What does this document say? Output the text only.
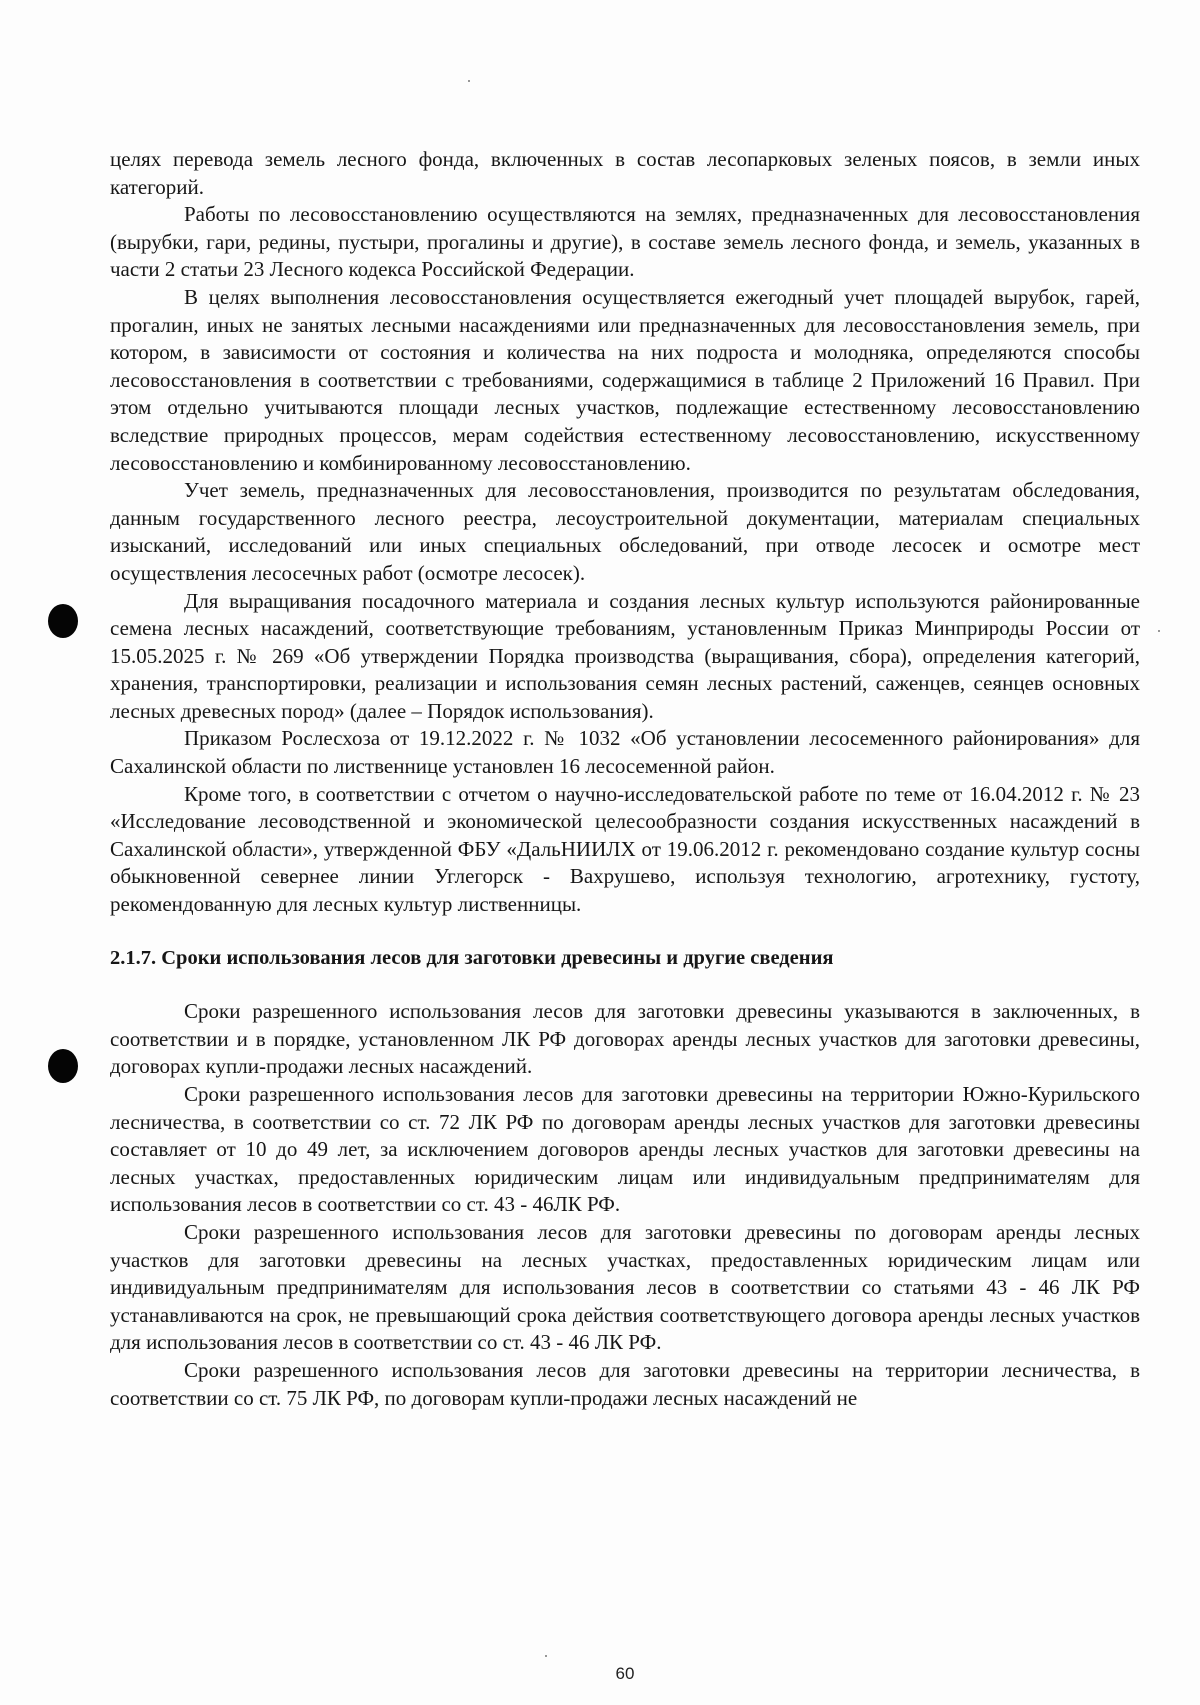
целях перевода земель лесного фонда, включенных в состав лесопарковых зеленых поясов, в земли иных категорий.

Работы по лесовосстановлению осуществляются на землях, предназначенных для лесовосстановления (вырубки, гари, редины, пустыри, прогалины и другие), в составе земель лесного фонда, и земель, указанных в части 2 статьи 23 Лесного кодекса Российской Федерации.

В целях выполнения лесовосстановления осуществляется ежегодный учет площадей вырубок, гарей, прогалин, иных не занятых лесными насаждениями или предназначенных для лесовосстановления земель, при котором, в зависимости от состояния и количества на них подроста и молодняка, определяются способы лесовосстановления в соответствии с требованиями, содержащимися в таблице 2 Приложений 16 Правил. При этом отдельно учитываются площади лесных участков, подлежащие естественному лесовосстановлению вследствие природных процессов, мерам содействия естественному лесовосстановлению, искусственному лесовосстановлению и комбинированному лесовосстановлению.

Учет земель, предназначенных для лесовосстановления, производится по результатам обследования, данным государственного лесного реестра, лесоустроительной документации, материалам специальных изысканий, исследований или иных специальных обследований, при отводе лесосек и осмотре мест осуществления лесосечных работ (осмотре лесосек).

Для выращивания посадочного материала и создания лесных культур используются районированные семена лесных насаждений, соответствующие требованиям, установленным Приказ Минприроды России от 15.05.2025 г. № 269 «Об утверждении Порядка производства (выращивания, сбора), определения категорий, хранения, транспортировки, реализации и использования семян лесных растений, саженцев, сеянцев основных лесных древесных пород» (далее – Порядок использования).

Приказом Рослесхоза от 19.12.2022 г. № 1032 «Об установлении лесосеменного районирования» для Сахалинской области по лиственнице установлен 16 лесосеменной район.

Кроме того, в соответствии с отчетом о научно-исследовательской работе по теме от 16.04.2012 г. № 23 «Исследование лесоводственной и экономической целесообразности создания искусственных насаждений в Сахалинской области», утвержденной ФБУ «ДальНИИЛХ от 19.06.2012 г. рекомендовано создание культур сосны обыкновенной севернее линии Углегорск - Вахрушево, используя технологию, агротехнику, густоту, рекомендованную для лесных культур лиственницы.

2.1.7. Сроки использования лесов для заготовки древесины и другие сведения

Сроки разрешенного использования лесов для заготовки древесины указываются в заключенных, в соответствии и в порядке, установленном ЛК РФ договорах аренды лесных участков для заготовки древесины, договорах купли-продажи лесных насаждений.

Сроки разрешенного использования лесов для заготовки древесины на территории Южно-Курильского лесничества, в соответствии со ст. 72 ЛК РФ по договорам аренды лесных участков для заготовки древесины составляет от 10 до 49 лет, за исключением договоров аренды лесных участков для заготовки древесины на лесных участках, предоставленных юридическим лицам или индивидуальным предпринимателям для использования лесов в соответствии со ст. 43 - 46ЛК РФ.

Сроки разрешенного использования лесов для заготовки древесины по договорам аренды лесных участков для заготовки древесины на лесных участках, предоставленных юридическим лицам или индивидуальным предпринимателям для использования лесов в соответствии со статьями 43 - 46 ЛК РФ устанавливаются на срок, не превышающий срока действия соответствующего договора аренды лесных участков для использования лесов в соответствии со ст. 43 - 46 ЛК РФ.

Сроки разрешенного использования лесов для заготовки древесины на территории лесничества, в соответствии со ст. 75 ЛК РФ, по договорам купли-продажи лесных насаждений не

60
